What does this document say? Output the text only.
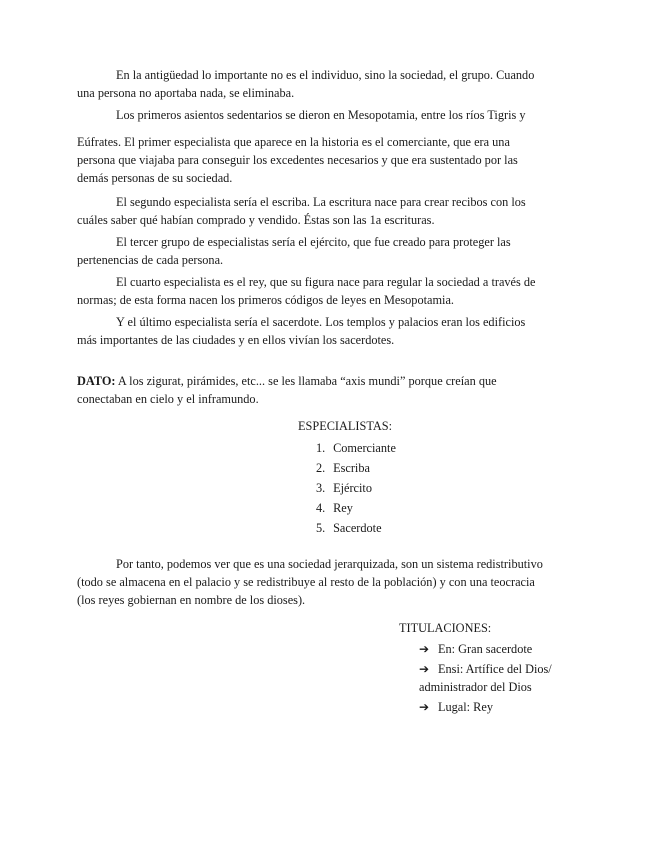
En la antigüedad lo importante no es el individuo, sino la sociedad, el grupo. Cuando una persona no aportaba nada, se eliminaba.

Los primeros asientos sedentarios se dieron en Mesopotamia, entre los ríos Tigris y

Eúfrates. El primer especialista que aparece en la historia es el comerciante, que era una persona que viajaba para conseguir los excedentes necesarios y que era sustentado por las demás personas de su sociedad.

El segundo especialista sería el escriba. La escritura nace para crear recibos con los cuáles saber qué habían comprado y vendido. Éstas son las 1a escrituras.

El tercer grupo de especialistas sería el ejército, que fue creado para proteger las pertenencias de cada persona.

El cuarto especialista es el rey, que su figura nace para regular la sociedad a través de normas; de esta forma nacen los primeros códigos de leyes en Mesopotamia.

Y el último especialista sería el sacerdote. Los templos y palacios eran los edificios más importantes de las ciudades y en ellos vivían los sacerdotes.

DATO: A los zigurat, pirámides, etc... se les llamaba “axis mundi” porque creían que conectaban en cielo y el inframundo.

ESPECIALISTAS:

1. Comerciante
2. Escriba
3. Ejército
4. Rey
5. Sacerdote

Por tanto, podemos ver que es una sociedad jerarquizada, son un sistema redistributivo (todo se almacena en el palacio y se redistribuye al resto de la población) y con una teocracia (los reyes gobiernan en nombre de los dioses).

TITULACIONES:

➔ En: Gran sacerdote
➔ Ensi: Artífice del Dios/ administrador del Dios
➔ Lugal: Rey
